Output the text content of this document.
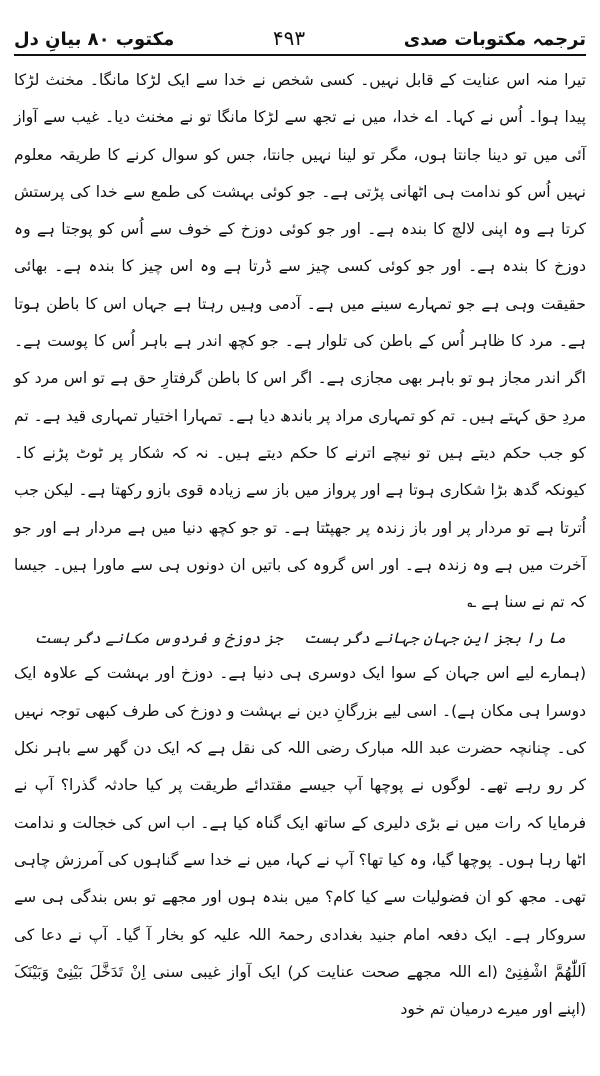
ترجمہ مکتوبات صدی
۴۹۳
مکتوب ۸۰ بیانِ دل

تیرا منہ اس عنایت کے قابل نہیں۔ کسی شخص نے خدا سے ایک لڑکا مانگا۔ مخنث لڑکا پیدا ہوا۔ اُس نے کہا۔ اے خدا، میں نے تجھ سے لڑکا مانگا تو نے مخنث دیا۔ غیب سے آواز آئی میں تو دینا جانتا ہوں، مگر تو لینا نہیں جانتا، جس کو سوال کرنے کا طریقہ معلوم نہیں اُس کو ندامت ہی اٹھانی پڑتی ہے۔ جو کوئی بہشت کی طمع سے خدا کی پرستش کرتا ہے وہ اپنی لالچ کا بندہ ہے۔ اور جو کوئی دوزخ کے خوف سے اُس کو پوجتا ہے وہ دوزخ کا بندہ ہے۔ اور جو کوئی کسی چیز سے ڈرتا ہے وہ اس چیز کا بندہ ہے۔ بھائی حقیقت وہی ہے جو تمہارے سینے میں ہے۔ آدمی وہیں رہتا ہے جہاں اس کا باطن ہوتا ہے۔ مرد کا ظاہر اُس کے باطن کی تلوار ہے۔ جو کچھ اندر ہے باہر اُس کا پوست ہے۔ اگر اندر مجاز ہو تو باہر بھی مجازی ہے۔ اگر اس کا باطن گرفتارِ حق ہے تو اس مرد کو مردِ حق کہتے ہیں۔ تم کو تمہاری مراد پر باندھ دیا ہے۔ تمہارا اختیار تمہاری قید ہے۔ تم کو جب حکم دیتے ہیں تو نیچے اترنے کا حکم دیتے ہیں۔ نہ کہ شکار پر ٹوٹ پڑنے کا۔ کیونکہ گدھ بڑا شکاری ہوتا ہے اور پرواز میں باز سے زیادہ قوی بازو رکھتا ہے۔ لیکن جب اُترتا ہے تو مردار پر اور باز زندہ پر جھپٹتا ہے۔ تو جو کچھ دنیا میں ہے مردار ہے اور جو آخرت میں ہے وہ زندہ ہے۔ اور اس گروہ کی باتیں ان دونوں ہی سے ماورا ہیں۔ جیسا کہ تم نے سنا ہے ؎

ما را بجز این جہان جہانے دگر ہست
جز دوزخ و فردوس مکانے دگر ہست

(ہمارے لیے اس جہان کے سوا ایک دوسری ہی دنیا ہے۔ دوزخ اور بہشت کے علاوہ ایک دوسرا ہی مکان ہے)۔ اسی لیے بزرگانِ دین نے بہشت و دوزخ کی طرف کبھی توجہ نہیں کی۔ چنانچہ حضرت عبد اللہ مبارک رضی اللہ کی نقل ہے کہ ایک دن گھر سے باہر نکل کر رو رہے تھے۔ لوگوں نے پوچھا آپ جیسے مقتدائے طریقت پر کیا حادثہ گذرا؟ آپ نے فرمایا کہ رات میں نے بڑی دلیری کے ساتھ ایک گناہ کیا ہے۔ اب اس کی خجالت و ندامت اٹھا رہا ہوں۔ پوچھا گیا، وہ کیا تھا؟ آپ نے کہا، میں نے خدا سے گناہوں کی آمرزش چاہی تھی۔ مجھ کو ان فضولیات سے کیا کام؟ میں بندہ ہوں اور مجھے تو بس بندگی ہی سے سروکار ہے۔ ایک دفعہ امام جنید بغدادی رحمۃ اللہ علیہ کو بخار آ گیا۔ آپ نے دعا کی اَللّٰھُمَّ اشْفِنِیْ (اے اللہ مجھے صحت عنایت کر) ایک آواز غیبی سنی اِنْ تَدَخَّلَ بَیْنِیْ وَبَیْنَکَ (اپنے اور میرے درمیان تم خود
